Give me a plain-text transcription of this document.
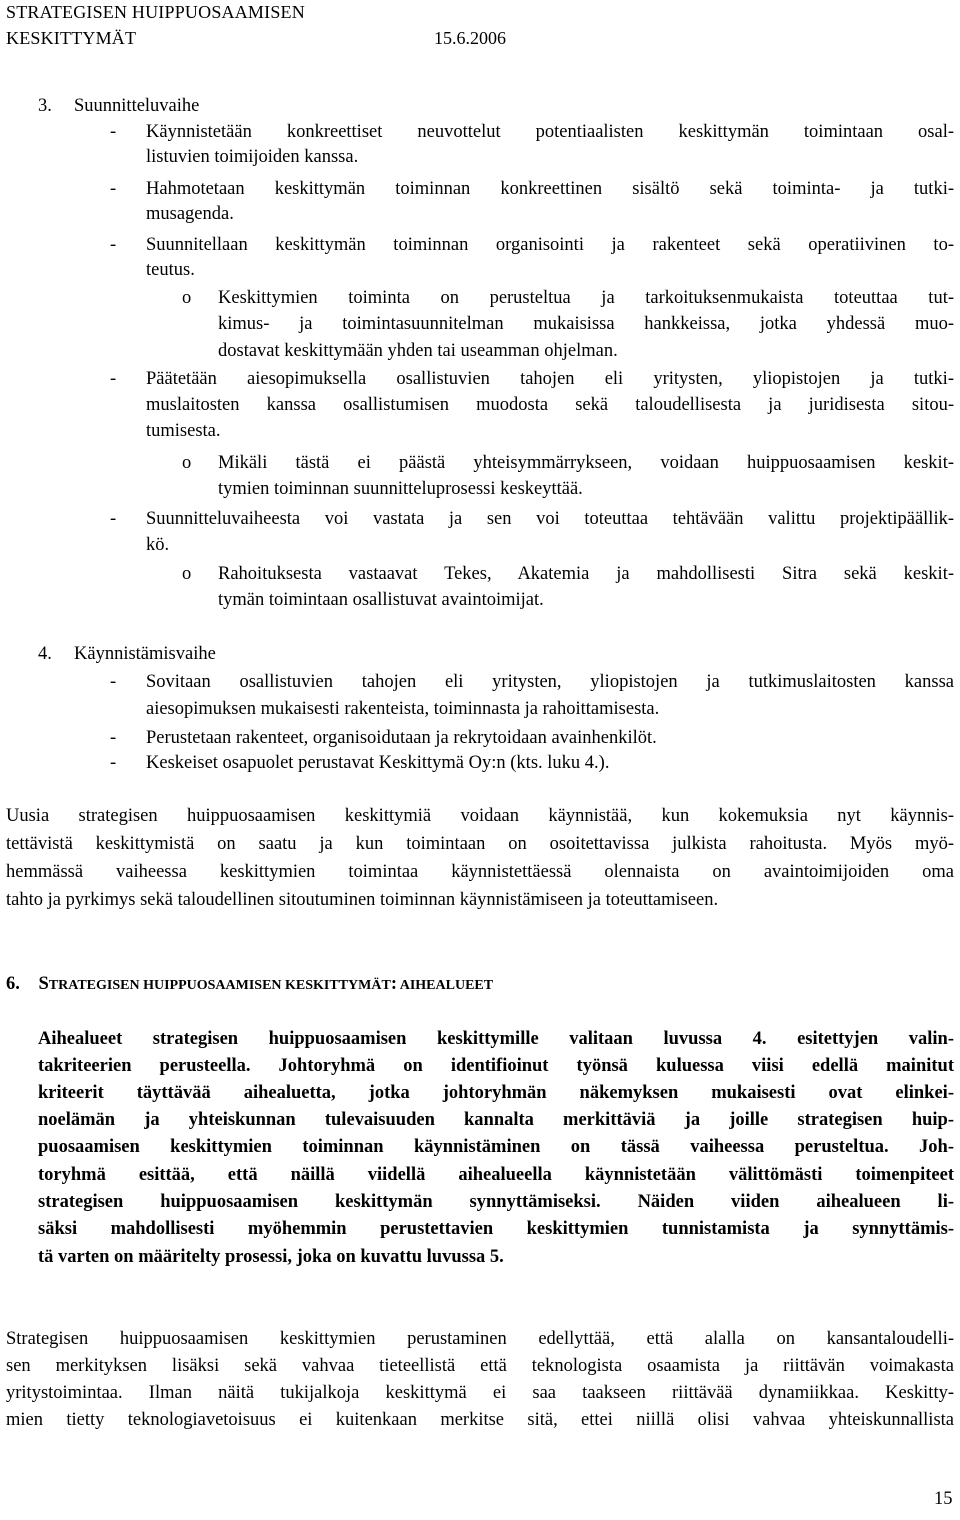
STRATEGISEN HUIPPUOSAAMISEN
KESKITTYMÄT	15.6.2006
3. Suunnitteluvaihe
- Käynnistetään konkreettiset neuvottelut potentiaalisten keskittymän toimintaan osal-
listuvien toimijoiden kanssa.
- Hahmotetaan keskittymän toiminnan konkreettinen sisältö sekä toiminta- ja tutki-
musagenda.
- Suunnitellaan keskittymän toiminnan organisointi ja rakenteet sekä operatiivinen to-
teutus.
o Keskittymien toiminta on perusteltua ja tarkoituksenmukaista toteuttaa tut-
kimus- ja toimintasuunnitelman mukaisissa hankkeissa, jotka yhdessä muo-
dostavat keskittymään yhden tai useamman ohjelman.
- Päätetään aiesopimuksella osallistuvien tahojen eli yritysten, yliopistojen ja tutki-
muslaitosten kanssa osallistumisen muodosta sekä taloudellisesta ja juridisesta sitou-
tumisesta.
o Mikäli tästä ei päästä yhteisymmärrykseen, voidaan huippuosaamisen keskit-
tymien toiminnan suunnitteluprosessi keskeyttää.
- Suunnitteluvaiheesta voi vastata ja sen voi toteuttaa tehtävään valittu projektipäällik-
kö.
o Rahoituksesta vastaavat Tekes, Akatemia ja mahdollisesti Sitra sekä keskit-
tymän toimintaan osallistuvat avaintoimijat.
4. Käynnistämisvaihe
- Sovitaan osallistuvien tahojen eli yritysten, yliopistojen ja tutkimuslaitosten kanssa
aiesopimuksen mukaisesti rakenteista, toiminnasta ja rahoittamisesta.
- Perustetaan rakenteet, organisoidutaan ja rekrytoidaan avainhenkilöt.
- Keskeiset osapuolet perustavat Keskittymä Oy:n (kts. luku 4.).
Uusia strategisen huippuosaamisen keskittymiä voidaan käynnistää, kun kokemuksia nyt käynnis-
tettävistä keskittymistä on saatu ja kun toimintaan on osoitettavissa julkista rahoitusta. Myös myö-
hemmässä vaiheessa keskittymien toimintaa käynnistettäessä olennaista on avaintoimijoiden oma
tahto ja pyrkimys sekä taloudellinen sitoutuminen toiminnan käynnistämiseen ja toteuttamiseen.
6. STRATEGISEN HUIPPUOSAAMISEN KESKITTYMÄT: AIHEALUEET
Aihealueet strategisen huippuosaamisen keskittymille valitaan luvussa 4. esitettyjen valin-
takriteerien perusteella. Johtoryhmä on identifioinut työnsä kuluessa viisi edellä mainitut
kriteerit täyttävää aihealuetta, jotka johtoryhmän näkemyksen mukaisesti ovat elinkei-
noelämän ja yhteiskunnan tulevaisuuden kannalta merkittäviä ja joille strategisen huip-
puosaamisen keskittymien toiminnan käynnistäminen on tässä vaiheessa perusteltua. Joh-
toryhmä esittää, että näillä viidellä aihealueella käynnistetään välittömästi toimenpiteet
strategisen huippuosaamisen keskittymän synnyttämiseksi. Näiden viiden aihealueen li-
säksi mahdollisesti myöhemmin perustettavien keskittymien tunnistamista ja synnyttämis-
tä varten on määritelty prosessi, joka on kuvattu luvussa 5.
Strategisen huippuosaamisen keskittymien perustaminen edellyttää, että alalla on kansantaloudelli-
sen merkityksen lisäksi sekä vahvaa tieteellistä että teknologista osaamista ja riittävän voimakasta
yritystoimintaa. Ilman näitä tukijalkoja keskittymä ei saa taakseen riittävää dynamiikkaa. Keskitty-
mien tietty teknologiavetoisuus ei kuitenkaan merkitse sitä, ettei niillä olisi vahvaa yhteiskunnallista
15
